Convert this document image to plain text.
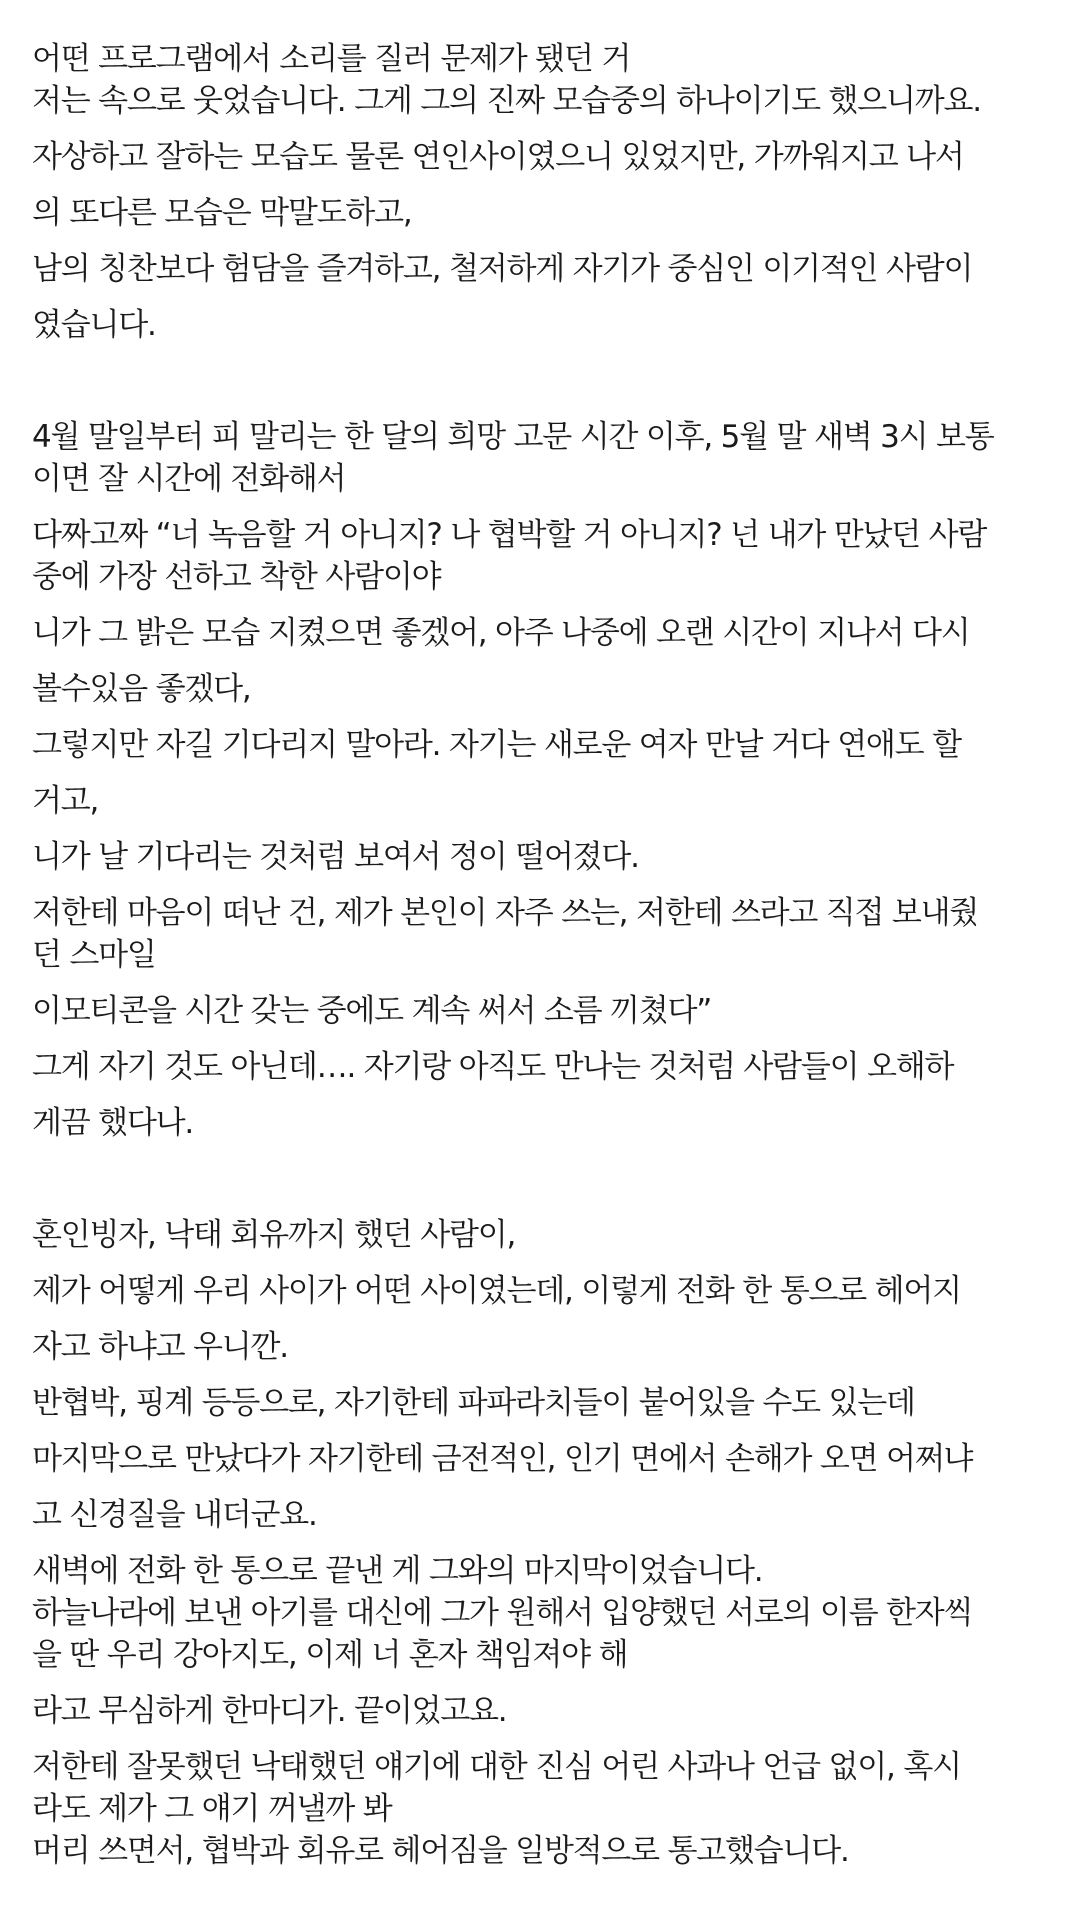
어떤 프로그램에서 소리를 질러 문제가 됐던 거
저는 속으로 웃었습니다. 그게 그의 진짜 모습중의 하나이기도 했으니까요.
자상하고 잘하는 모습도 물론 연인사이였으니 있었지만, 가까워지고 나서
의 또다른 모습은 막말도하고,
남의 칭찬보다 험담을 즐겨하고, 철저하게 자기가 중심인 이기적인 사람이
였습니다.
4월 말일부터 피 말리는 한 달의 희망 고문 시간 이후, 5월 말 새벽 3시 보통
이면 잘 시간에 전화해서
다짜고짜 “너 녹음할 거 아니지? 나 협박할 거 아니지? 넌 내가 만났던 사람
중에 가장 선하고 착한 사람이야
니가 그 밝은 모습 지켰으면 좋겠어, 아주 나중에 오랜 시간이 지나서 다시
볼수있음 좋겠다,
그렇지만 자길 기다리지 말아라. 자기는 새로운 여자 만날 거다 연애도 할
거고,
니가 날 기다리는 것처럼 보여서 정이 떨어졌다.
저한테 마음이 떠난 건, 제가 본인이 자주 쓰는, 저한테 쓰라고 직접 보내줬
던 스마일
이모티콘을 시간 갖는 중에도 계속 써서 소름 끼쳤다”
그게 자기 것도 아닌데…. 자기랑 아직도 만나는 것처럼 사람들이 오해하
게끔 했다나.
혼인빙자, 낙태 회유까지 했던 사람이,
제가 어떻게 우리 사이가 어떤 사이였는데, 이렇게 전화 한 통으로 헤어지
자고 하냐고 우니깐.
반협박, 핑계 등등으로, 자기한테 파파라치들이 붙어있을 수도 있는데
마지막으로 만났다가 자기한테 금전적인, 인기 면에서 손해가 오면 어쩌냐
고 신경질을 내더군요.
새벽에 전화 한 통으로 끝낸 게 그와의 마지막이었습니다.
하늘나라에 보낸 아기를 대신에 그가 원해서 입양했던 서로의 이름 한자씩
을 딴 우리 강아지도, 이제 너 혼자 책임져야 해
라고 무심하게 한마디가. 끝이었고요.
저한테 잘못했던 낙태했던 얘기에 대한 진심 어린 사과나 언급 없이, 혹시
라도 제가 그 얘기 꺼낼까 봐
머리 쓰면서, 협박과 회유로 헤어짐을 일방적으로 통고했습니다.
